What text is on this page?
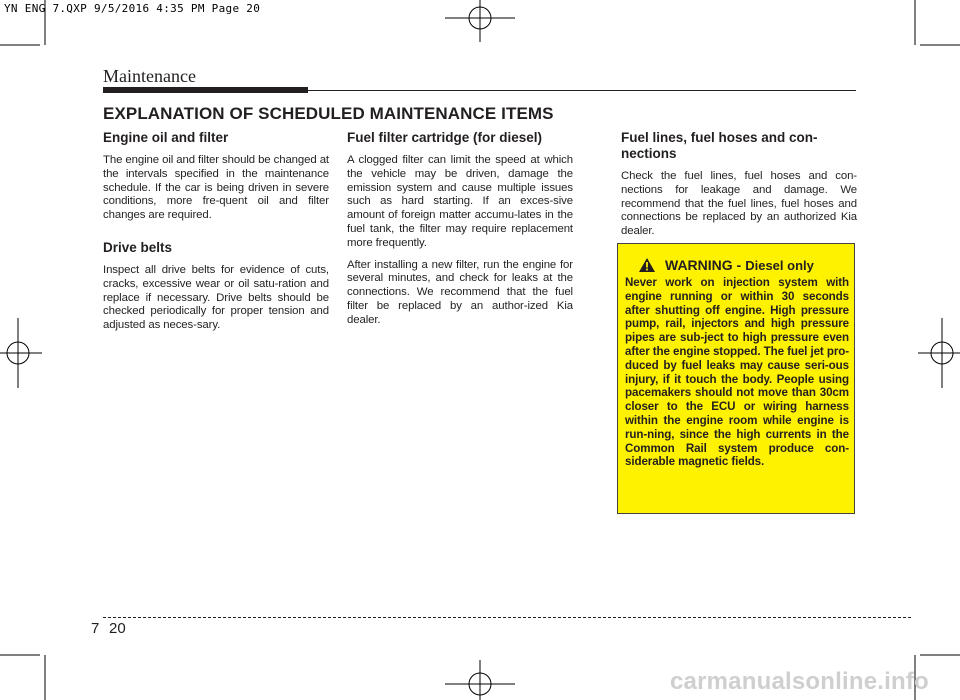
YN ENG 7.QXP 9/5/2016 4:35 PM Page 20
Maintenance
EXPLANATION OF SCHEDULED MAINTENANCE ITEMS
Engine oil and filter

The engine oil and filter should be changed at the intervals specified in the maintenance schedule. If the car is being driven in severe conditions, more fre-quent oil and filter changes are required.

Drive belts

Inspect all drive belts for evidence of cuts, cracks, excessive wear or oil satu-ration and replace if necessary. Drive belts should be checked periodically for proper tension and adjusted as neces-sary.

Fuel filter cartridge (for diesel)

A clogged filter can limit the speed at which the vehicle may be driven, damage the emission system and cause multiple issues such as hard starting. If an exces-sive amount of foreign matter accumu-lates in the fuel tank, the filter may require replacement more frequently.

After installing a new filter, run the engine for several minutes, and check for leaks at the connections. We recommend that the fuel filter be replaced by an author-ized Kia dealer.

Fuel lines, fuel hoses and con-nections

Check the fuel lines, fuel hoses and con-nections for leakage and damage. We recommend that the fuel lines, fuel hoses and connections be replaced by an authorized Kia dealer.

WARNING - Diesel only

Never work on injection system with engine running or within 30 seconds after shutting off engine. High pressure pump, rail, injectors and high pressure pipes are sub-ject to high pressure even after the engine stopped. The fuel jet pro-duced by fuel leaks may cause seri-ous injury, if it touch the body. People using pacemakers should not move than 30cm closer to the ECU or wiring harness within the engine room while engine is run-ning, since the high currents in the Common Rail system produce con-siderable magnetic fields.

7 20
carmanualsonline.info
